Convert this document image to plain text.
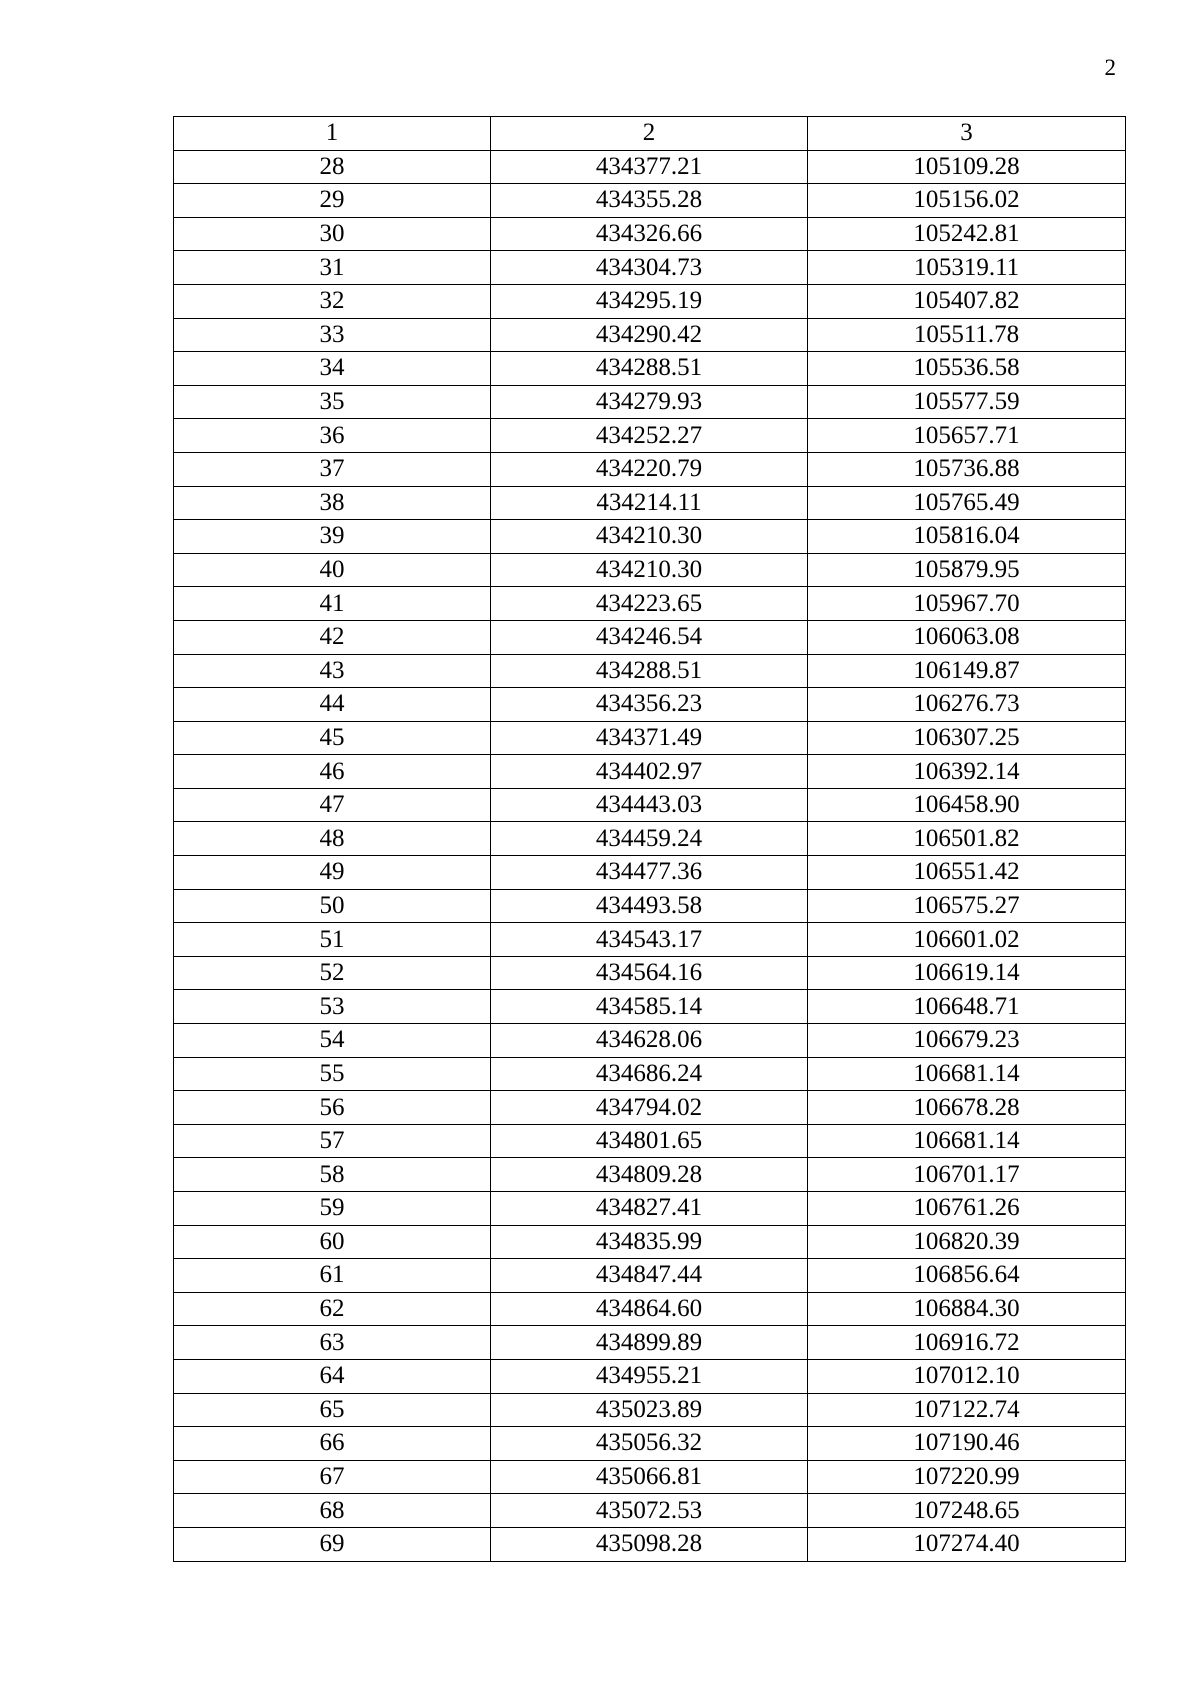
2
1	2	3
28	434377.21	105109.28
29	434355.28	105156.02
30	434326.66	105242.81
31	434304.73	105319.11
32	434295.19	105407.82
33	434290.42	105511.78
34	434288.51	105536.58
35	434279.93	105577.59
36	434252.27	105657.71
37	434220.79	105736.88
38	434214.11	105765.49
39	434210.30	105816.04
40	434210.30	105879.95
41	434223.65	105967.70
42	434246.54	106063.08
43	434288.51	106149.87
44	434356.23	106276.73
45	434371.49	106307.25
46	434402.97	106392.14
47	434443.03	106458.90
48	434459.24	106501.82
49	434477.36	106551.42
50	434493.58	106575.27
51	434543.17	106601.02
52	434564.16	106619.14
53	434585.14	106648.71
54	434628.06	106679.23
55	434686.24	106681.14
56	434794.02	106678.28
57	434801.65	106681.14
58	434809.28	106701.17
59	434827.41	106761.26
60	434835.99	106820.39
61	434847.44	106856.64
62	434864.60	106884.30
63	434899.89	106916.72
64	434955.21	107012.10
65	435023.89	107122.74
66	435056.32	107190.46
67	435066.81	107220.99
68	435072.53	107248.65
69	435098.28	107274.40
